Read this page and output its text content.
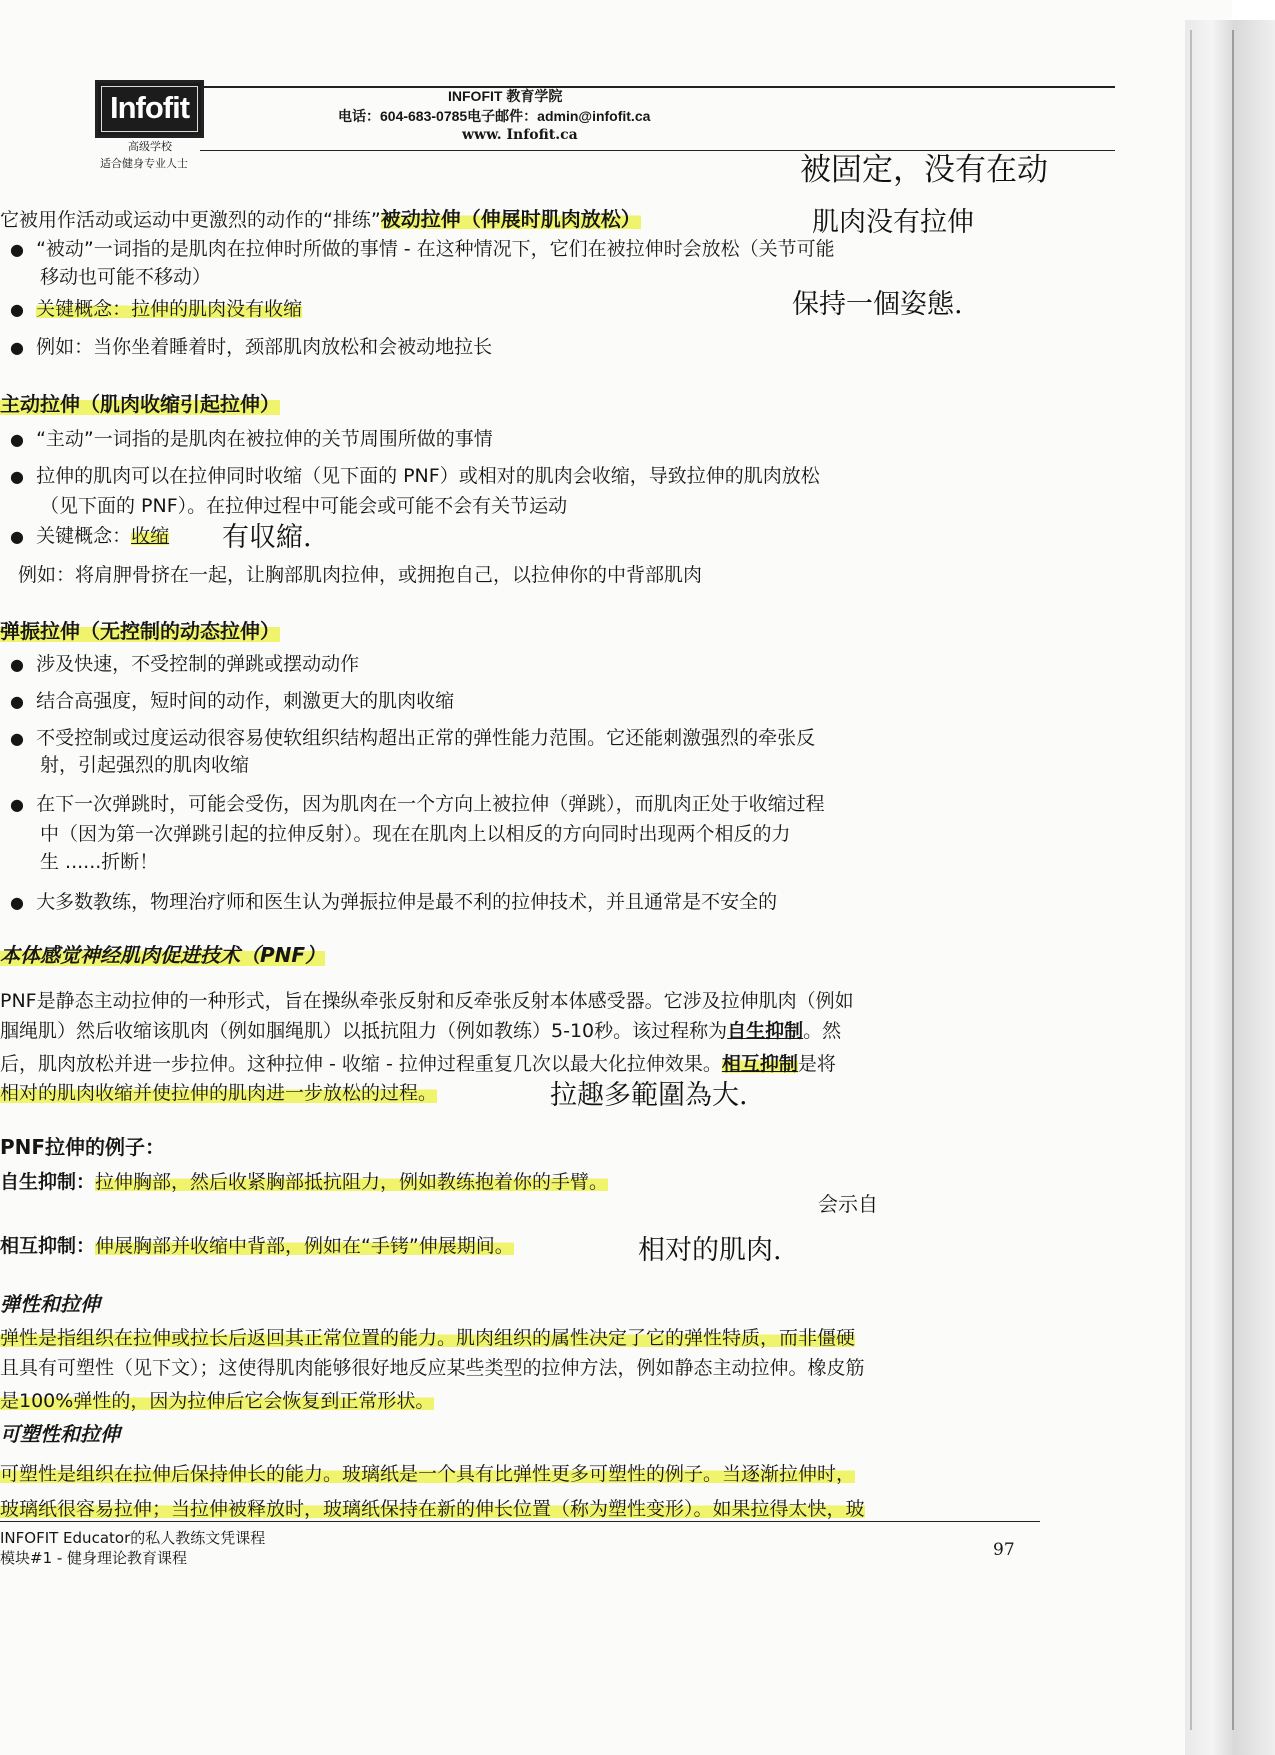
Infofit
高级学校
适合健身专业人士
INFOFIT 教育学院
电话：604-683-0785电子邮件：admin@infofit.ca
www. Infofit.ca
被固定，没有在动
它被用作活动或运动中更激烈的动作的“排练”被动拉伸（伸展时肌肉放松）	肌肉没有拉伸
● “被动”一词指的是肌肉在拉伸时所做的事情 - 在这种情况下，它们在被拉伸时会放松（关节可能
移动也可能不移动）
● 关键概念：拉伸的肌肉没有收缩	保持一個姿態.
● 例如：当你坐着睡着时，颈部肌肉放松和会被动地拉长
主动拉伸（肌肉收缩引起拉伸）
● “主动”一词指的是肌肉在被拉伸的关节周围所做的事情
● 拉伸的肌肉可以在拉伸同时收缩（见下面的 PNF）或相对的肌肉会收缩，导致拉伸的肌肉放松
（见下面的 PNF）。在拉伸过程中可能会或可能不会有关节运动
● 关键概念：收缩 有収縮.
例如：将肩胛骨挤在一起，让胸部肌肉拉伸，或拥抱自己，以拉伸你的中背部肌肉
弹振拉伸（无控制的动态拉伸）
● 涉及快速，不受控制的弹跳或摆动动作
● 结合高强度，短时间的动作，刺激更大的肌肉收缩
● 不受控制或过度运动很容易使软组织结构超出正常的弹性能力范围。它还能刺激强烈的牵张反
射，引起强烈的肌肉收缩
● 在下一次弹跳时，可能会受伤，因为肌肉在一个方向上被拉伸（弹跳），而肌肉正处于收缩过程
中（因为第一次弹跳引起的拉伸反射）。现在在肌肉上以相反的方向同时出现两个相反的力
生 ......折断！
● 大多数教练，物理治疗师和医生认为弹振拉伸是最不利的拉伸技术，并且通常是不安全的
本体感觉神经肌肉促进技术（PNF）
PNF是静态主动拉伸的一种形式，旨在操纵牵张反射和反牵张反射本体感受器。它涉及拉伸肌肉（例如
腘绳肌）然后收缩该肌肉（例如腘绳肌）以抵抗阻力（例如教练）5-10秒。该过程称为自生抑制。然
后，肌肉放松并进一步拉伸。这种拉伸 - 收缩 - 拉伸过程重复几次以最大化拉伸效果。相互抑制是将
相对的肌肉收缩并使拉伸的肌肉进一步放松的过程。	拉趣多範圍為大.
PNF拉伸的例子：
自生抑制：拉伸胸部，然后收紧胸部抵抗阻力，例如教练抱着你的手臂。
会示自
相互抑制：伸展胸部并收缩中背部，例如在“手铐”伸展期间。	相对的肌肉.
弹性和拉伸
弹性是指组织在拉伸或拉长后返回其正常位置的能力。肌肉组织的属性决定了它的弹性特质，而非僵硬
且具有可塑性（见下文）；这使得肌肉能够很好地反应某些类型的拉伸方法，例如静态主动拉伸。橡皮筋
是100%弹性的，因为拉伸后它会恢复到正常形状。
可塑性和拉伸
可塑性是组织在拉伸后保持伸长的能力。玻璃纸是一个具有比弹性更多可塑性的例子。当逐渐拉伸时，
玻璃纸很容易拉伸；当拉伸被释放时，玻璃纸保持在新的伸长位置（称为塑性变形）。如果拉得太快，玻
INFOFIT Educator的私人教练文凭课程
模块#1 - 健身理论教育课程	97
